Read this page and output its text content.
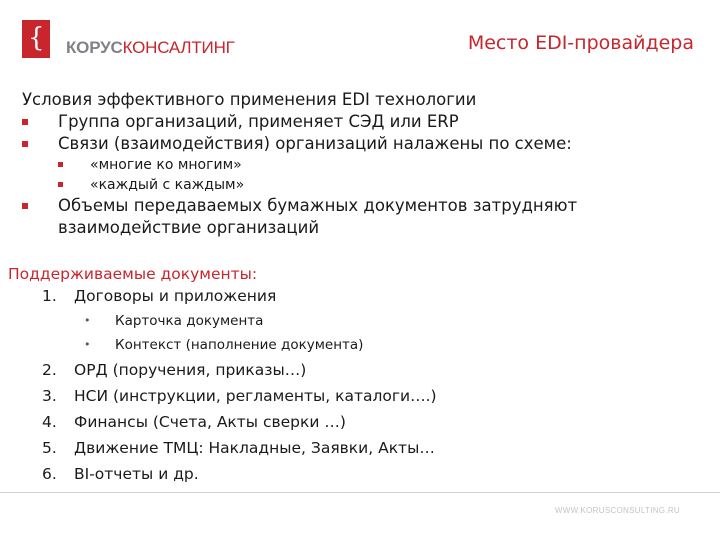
{ КОРУСКОНСАЛТИНГ	Место EDI-провайдера
Условия эффективного применения EDI технологии
Группа организаций, применяет СЭД или ERP
Связи (взаимодействия) организаций налажены по схеме:
«многие ко многим»
«каждый с каждым»
Объемы передаваемых бумажных документов затрудняют
взаимодействие организаций
Поддерживаемые документы:
1. Договоры и приложения
• Карточка документа
• Контекст (наполнение документа)
2. ОРД (поручения, приказы…)
3. НСИ (инструкции, регламенты, каталоги….)
4. Финансы (Счета, Акты сверки …)
5. Движение ТМЦ: Накладные, Заявки, Акты…
6. BI-отчеты и др.
WWW.KORUSCONSULTING.RU
